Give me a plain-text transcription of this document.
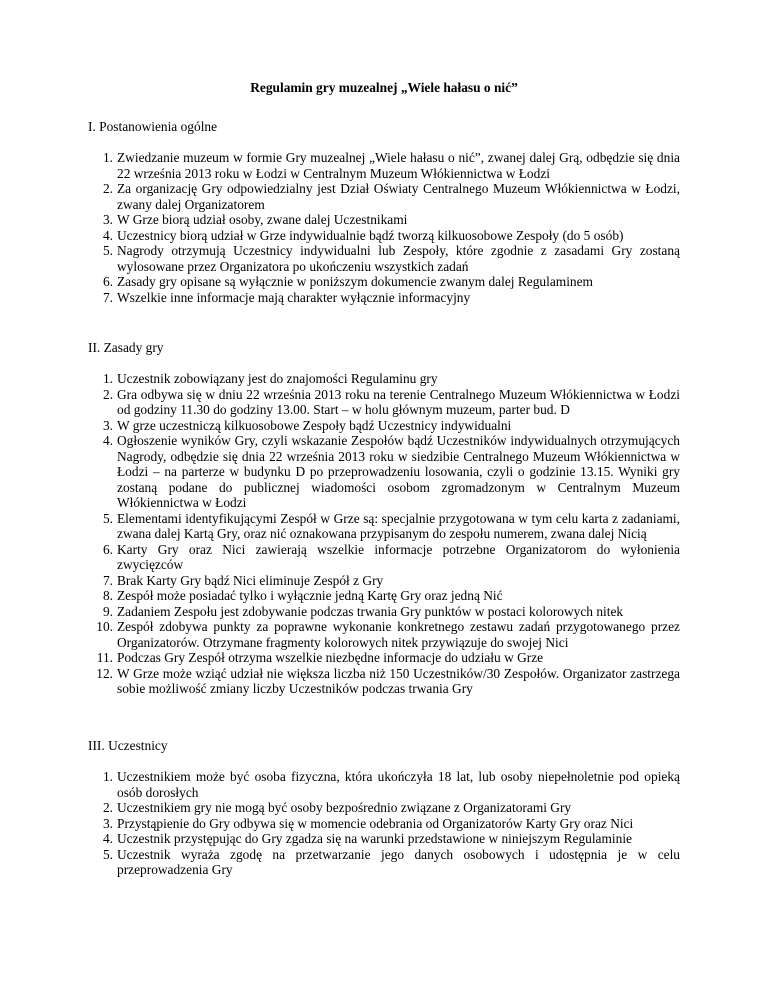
Regulamin gry muzealnej „Wiele hałasu o nić”
I. Postanowienia ogólne
1. Zwiedzanie muzeum w formie Gry muzealnej „Wiele hałasu o nić”, zwanej dalej Grą, odbędzie się dnia 22 września 2013 roku w Łodzi w Centralnym Muzeum Włókiennictwa w Łodzi
2. Za organizację Gry odpowiedzialny jest Dział Oświaty Centralnego Muzeum Włókiennictwa w Łodzi, zwany dalej Organizatorem
3. W Grze biorą udział osoby, zwane dalej Uczestnikami
4. Uczestnicy biorą udział w Grze indywidualnie bądź tworzą kilkuosobowe Zespoły (do 5 osób)
5. Nagrody otrzymują Uczestnicy indywidualni lub Zespoły, które zgodnie z zasadami Gry zostaną wylosowane przez Organizatora po ukończeniu wszystkich zadań
6. Zasady gry opisane są wyłącznie w poniższym dokumencie zwanym dalej Regulaminem
7. Wszelkie inne informacje mają charakter wyłącznie informacyjny
II. Zasady gry
1. Uczestnik zobowiązany jest do znajomości Regulaminu gry
2. Gra odbywa się w dniu 22 września 2013 roku na terenie Centralnego Muzeum Włókiennictwa w Łodzi od godziny 11.30 do godziny 13.00. Start – w holu głównym muzeum, parter bud. D
3. W grze uczestniczą kilkuosobowe Zespoły bądź Uczestnicy indywidualni
4. Ogłoszenie wyników Gry, czyli wskazanie Zespołów bądź Uczestników indywidualnych otrzymujących Nagrody, odbędzie się dnia 22 września 2013 roku w siedzibie Centralnego Muzeum Włókiennictwa w Łodzi – na parterze w budynku D po przeprowadzeniu losowania, czyli o godzinie 13.15. Wyniki gry zostaną podane do publicznej wiadomości osobom zgromadzonym w Centralnym Muzeum Włókiennictwa w Łodzi
5. Elementami identyfikującymi Zespół w Grze są: specjalnie przygotowana w tym celu karta z zadaniami, zwana dalej Kartą Gry, oraz nić oznakowana przypisanym do zespołu numerem, zwana dalej Nicią
6. Karty Gry oraz Nici zawierają wszelkie informacje potrzebne Organizatorom do wyłonienia zwycięzców
7. Brak Karty Gry bądź Nici eliminuje Zespół z Gry
8. Zespół może posiadać tylko i wyłącznie jedną Kartę Gry oraz jedną Nić
9. Zadaniem Zespołu jest zdobywanie podczas trwania Gry punktów w postaci kolorowych nitek
10. Zespół zdobywa punkty za poprawne wykonanie konkretnego zestawu zadań przygotowanego przez Organizatorów. Otrzymane fragmenty kolorowych nitek przywiązuje do swojej Nici
11. Podczas Gry Zespół otrzyma wszelkie niezbędne informacje do udziału w Grze
12. W Grze może wziąć udział nie większa liczba niż 150 Uczestników/30 Zespołów. Organizator zastrzega sobie możliwość zmiany liczby Uczestników podczas trwania Gry
III. Uczestnicy
1. Uczestnikiem może być osoba fizyczna, która ukończyła 18 lat, lub osoby niepełnoletnie pod opieką osób dorosłych
2. Uczestnikiem gry nie mogą być osoby bezpośrednio związane z Organizatorami Gry
3. Przystąpienie do Gry odbywa się w momencie odebrania od Organizatorów Karty Gry oraz Nici
4. Uczestnik przystępując do Gry zgadza się na warunki przedstawione w niniejszym Regulaminie
5. Uczestnik wyraża zgodę na przetwarzanie jego danych osobowych i udostępnia je w celu przeprowadzenia Gry
